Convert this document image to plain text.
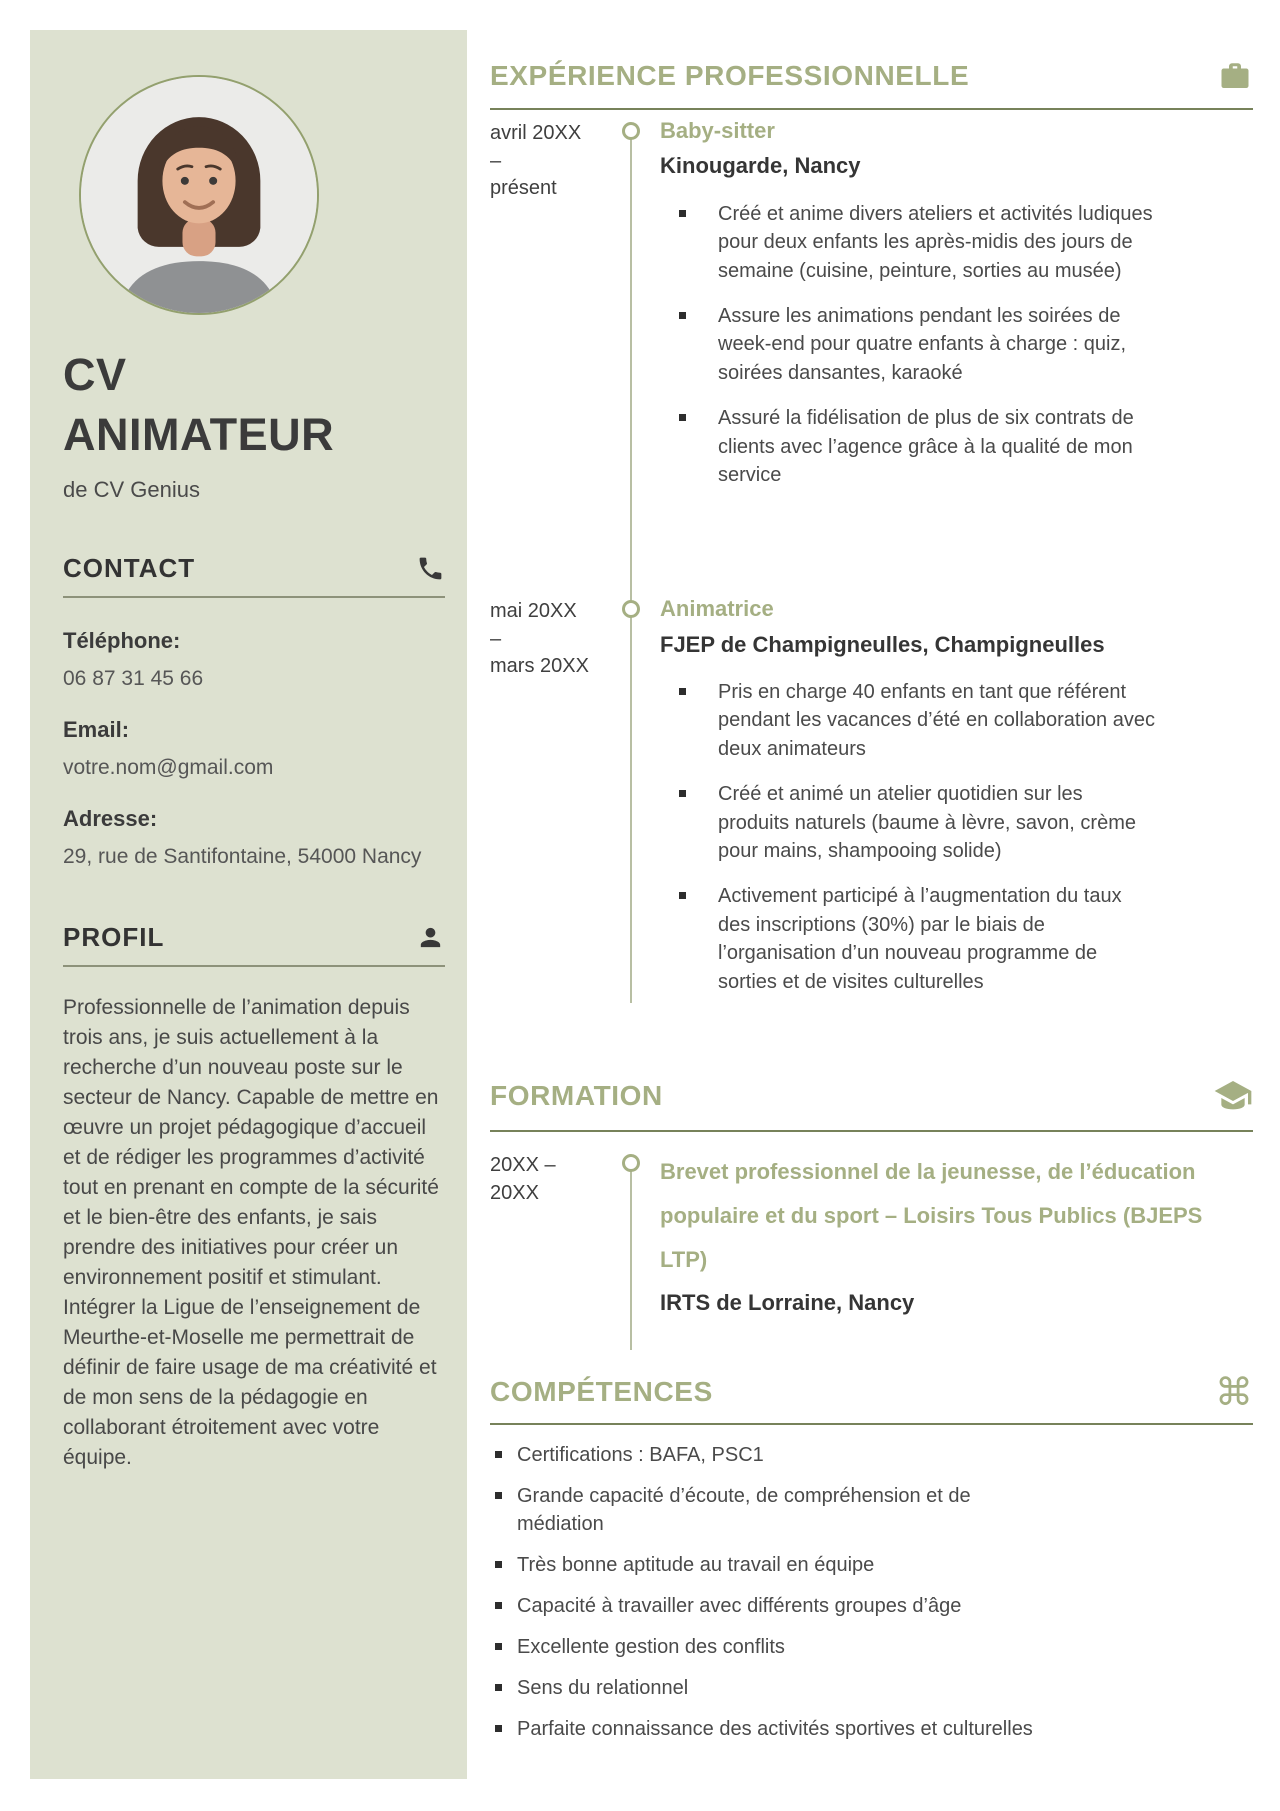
CV
ANIMATEUR
de CV Genius
CONTACT
Téléphone:
06 87 31 45 66
Email:
votre.nom@gmail.com
Adresse:
29, rue de Santifontaine, 54000 Nancy
PROFIL
Professionnelle de l’animation depuis trois ans, je suis actuellement à la recherche d’un nouveau poste sur le secteur de Nancy. Capable de mettre en œuvre un projet pédagogique d’accueil et de rédiger les programmes d’activité tout en prenant en compte de la sécurité et le bien-être des enfants, je sais prendre des initiatives pour créer un environnement positif et stimulant. Intégrer la Ligue de l’enseignement de Meurthe-et-Moselle me permettrait de définir de faire usage de ma créativité et de mon sens de la pédagogie en collaborant étroitement avec votre équipe.
EXPÉRIENCE PROFESSIONNELLE
avril 20XX
–
présent
Baby-sitter
Kinougarde, Nancy
Créé et anime divers ateliers et activités ludiques pour deux enfants les après-midis des jours de semaine (cuisine, peinture, sorties au musée)
Assure les animations pendant les soirées de week-end pour quatre enfants à charge : quiz, soirées dansantes, karaoké
Assuré la fidélisation de plus de six contrats de clients avec l’agence grâce à la qualité de mon service
mai 20XX
–
mars 20XX
Animatrice
FJEP de Champigneulles, Champigneulles
Pris en charge 40 enfants en tant que référent pendant les vacances d’été en collaboration avec deux animateurs
Créé et animé un atelier quotidien sur les produits naturels (baume à lèvre, savon, crème pour mains, shampooing solide)
Activement participé à l’augmentation du taux des inscriptions (30%) par le biais de l’organisation d’un nouveau programme de sorties et de visites culturelles
FORMATION
20XX –
20XX
Brevet professionnel de la jeunesse, de l’éducation populaire et du sport – Loisirs Tous Publics (BJEPS LTP)
IRTS de Lorraine, Nancy
COMPÉTENCES	⌘
Certifications : BAFA, PSC1
Grande capacité d’écoute, de compréhension et de médiation
Très bonne aptitude au travail en équipe
Capacité à travailler avec différents groupes d’âge
Excellente gestion des conflits
Sens du relationnel
Parfaite connaissance des activités sportives et culturelles
